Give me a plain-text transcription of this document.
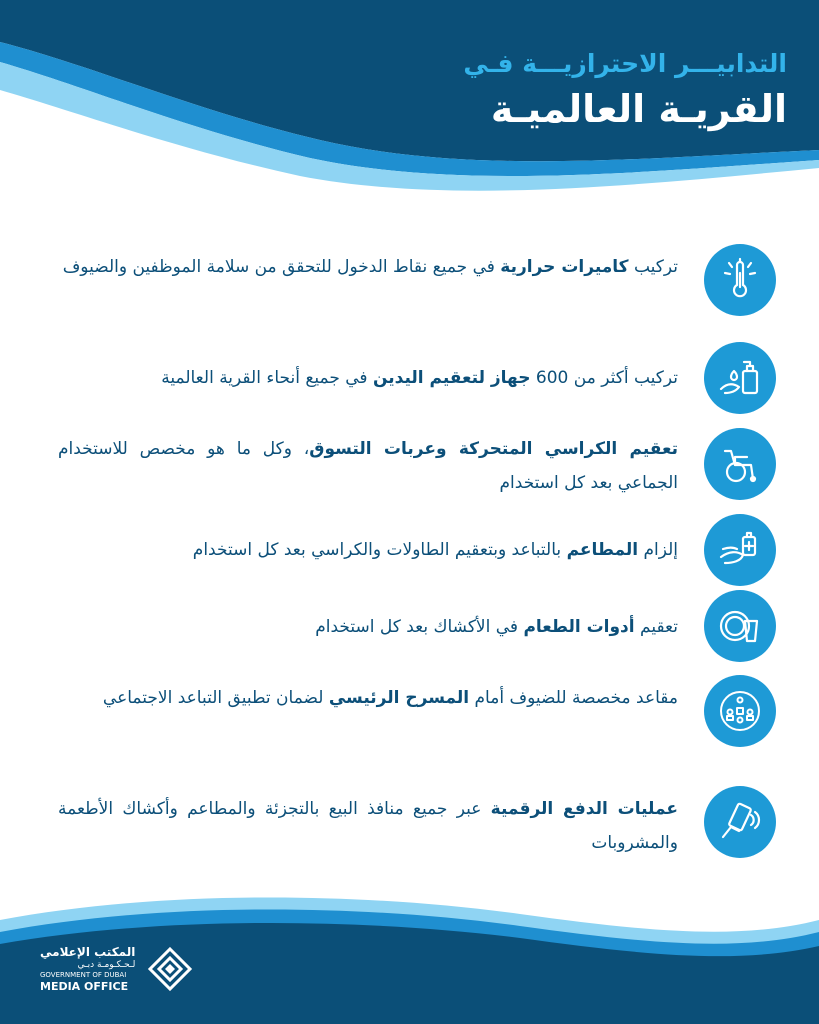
التدابيـــر الاحترازيـــة فـي
القريـة العالميـة
تركيب كاميرات حرارية في جميع نقاط الدخول للتحقق من سلامة الموظفين والضيوف
تركيب أكثر من 600 جهاز لتعقيم اليدين في جميع أنحاء القرية العالمية
تعقيم الكراسي المتحركة وعربات التسوق، وكل ما هو مخصص للاستخدام الجماعي بعد كل استخدام
إلزام المطاعم بالتباعد وبتعقيم الطاولات والكراسي بعد كل استخدام
تعقيم أدوات الطعام في الأكشاك بعد كل استخدام
مقاعد مخصصة للضيوف أمام المسرح الرئيسي لضمان تطبيق التباعد الاجتماعي
عمليات الدفع الرقمية عبر جميع منافذ البيع بالتجزئة والمطاعم وأكشاك الأطعمة والمشروبات
المكتب الإعلامي
لـحـكـومـة دبـي
GOVERNMENT OF DUBAI
MEDIA OFFICE
